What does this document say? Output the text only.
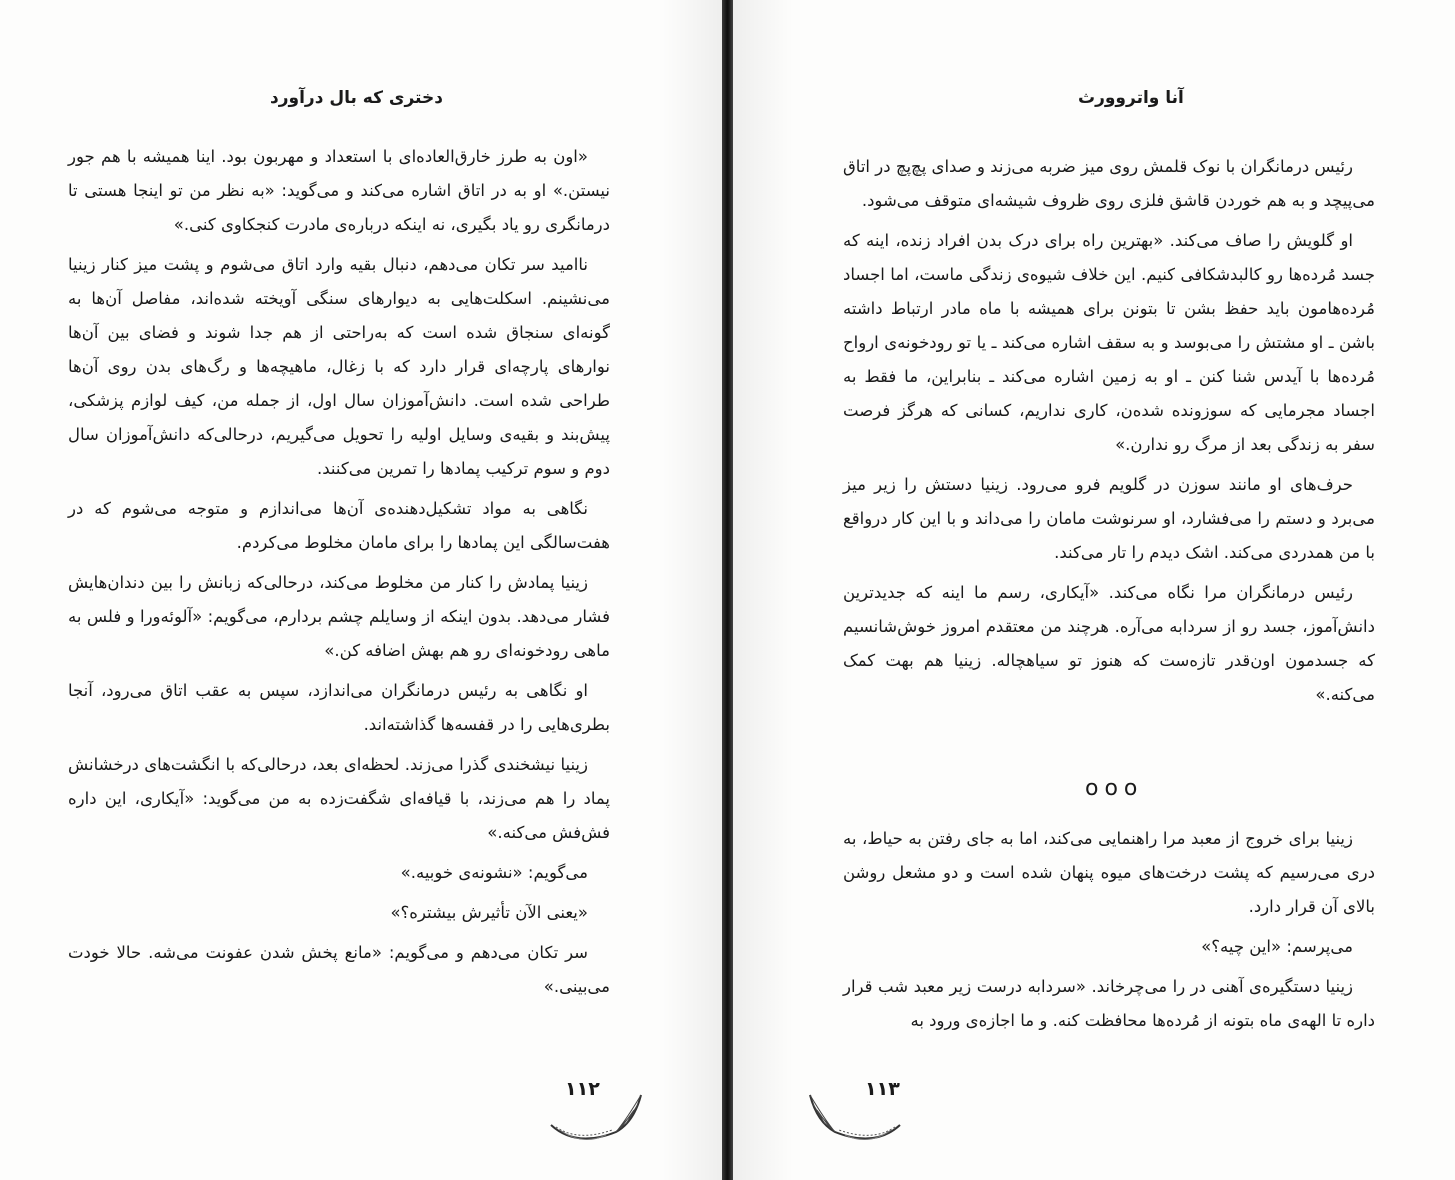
دختری که بال درآورد

«اون به طرز خارق‌العاده‌ای با استعداد و مهربون بود. اینا همیشه با هم جور نیستن.» او به در اتاق اشاره می‌کند و می‌گوید: «به نظر من تو اینجا هستی تا درمانگری رو یاد بگیری، نه اینکه درباره‌ی مادرت کنجکاوی کنی.»

ناامید سر تکان می‌دهم، دنبال بقیه وارد اتاق می‌شوم و پشت میز کنار زینیا می‌نشینم. اسکلت‌هایی به دیوارهای سنگی آویخته شده‌اند، مفاصل آن‌ها به گونه‌ای سنجاق شده است که به‌راحتی از هم جدا شوند و فضای بین آن‌ها نوارهای پارچه‌ای قرار دارد که با زغال، ماهیچه‌ها و رگ‌های بدن روی آن‌ها طراحی شده است. دانش‌آموزان سال اول، از جمله من، کیف لوازم پزشکی، پیش‌بند و بقیه‌ی وسایل اولیه را تحویل می‌گیریم، درحالی‌که دانش‌آموزان سال دوم و سوم ترکیب پمادها را تمرین می‌کنند.

نگاهی به مواد تشکیل‌دهنده‌ی آن‌ها می‌اندازم و متوجه می‌شوم که در هفت‌سالگی این پمادها را برای مامان مخلوط می‌کردم.

زینیا پمادش را کنار من مخلوط می‌کند، درحالی‌که زبانش را بین دندان‌هایش فشار می‌دهد. بدون اینکه از وسایلم چشم بردارم، می‌گویم: «آلوئه‌ورا و فلس به ماهی رودخونه‌ای رو هم بهش اضافه کن.»

او نگاهی به رئیس درمانگران می‌اندازد، سپس به عقب اتاق می‌رود، آنجا بطری‌هایی را در قفسه‌ها گذاشته‌اند.

زینیا نیشخندی گذرا می‌زند. لحظه‌ای بعد، درحالی‌که با انگشت‌های درخشانش پماد را هم می‌زند، با قیافه‌ای شگفت‌زده به من می‌گوید: «آیکاری، این داره فش‌فش می‌کنه.»

می‌گویم: «نشونه‌ی خوبیه.»

«یعنی الآن تأثیرش بیشتره؟»

سر تکان می‌دهم و می‌گویم: «مانع پخش شدن عفونت می‌شه. حالا خودت می‌بینی.»

۱۱۲
آنا واتروورث

رئیس درمانگران با نوک قلمش روی میز ضربه می‌زند و صدای پچ‌پچ در اتاق می‌پیچد و به هم خوردن قاشق فلزی روی ظروف شیشه‌ای متوقف می‌شود.

او گلویش را صاف می‌کند. «بهترین راه برای درک بدن افراد زنده، اینه که جسد مُرده‌ها رو کالبدشکافی کنیم. این خلاف شیوه‌ی زندگی ماست، اما اجساد مُرده‌هامون باید حفظ بشن تا بتونن برای همیشه با ماه مادر ارتباط داشته باشن ـ او مشتش را می‌بوسد و به سقف اشاره می‌کند ـ یا تو رودخونه‌ی ارواح مُرده‌ها با آیدس شنا کنن ـ او به زمین اشاره می‌کند ـ بنابراین، ما فقط به اجساد مجرمایی که سوزونده شده‌ن، کاری نداریم، کسانی که هرگز فرصت سفر به زندگی بعد از مرگ رو ندارن.»

حرف‌های او مانند سوزن در گلویم فرو می‌رود. زینیا دستش را زیر میز می‌برد و دستم را می‌فشارد، او سرنوشت مامان را می‌داند و با این کار درواقع با من همدردی می‌کند. اشک دیدم را تار می‌کند.

رئیس درمانگران مرا نگاه می‌کند. «آیکاری، رسم ما اینه که جدیدترین دانش‌آموز، جسد رو از سردابه می‌آره. هرچند من معتقدم امروز خوش‌شانسیم که جسدمون اون‌قدر تازه‌ست که هنوز تو سیاهچاله. زینیا هم بهت کمک می‌کنه.»

ooo

زینیا برای خروج از معبد مرا راهنمایی می‌کند، اما به جای رفتن به حیاط، به دری می‌رسیم که پشت درخت‌های میوه پنهان شده است و دو مشعل روشن بالای آن قرار دارد.

می‌پرسم: «این چیه؟»

زینیا دستگیره‌ی آهنی در را می‌چرخاند. «سردابه درست زیر معبد شب قرار داره تا الهه‌ی ماه بتونه از مُرده‌ها محافظت کنه. و ما اجازه‌ی ورود به

۱۱۳
